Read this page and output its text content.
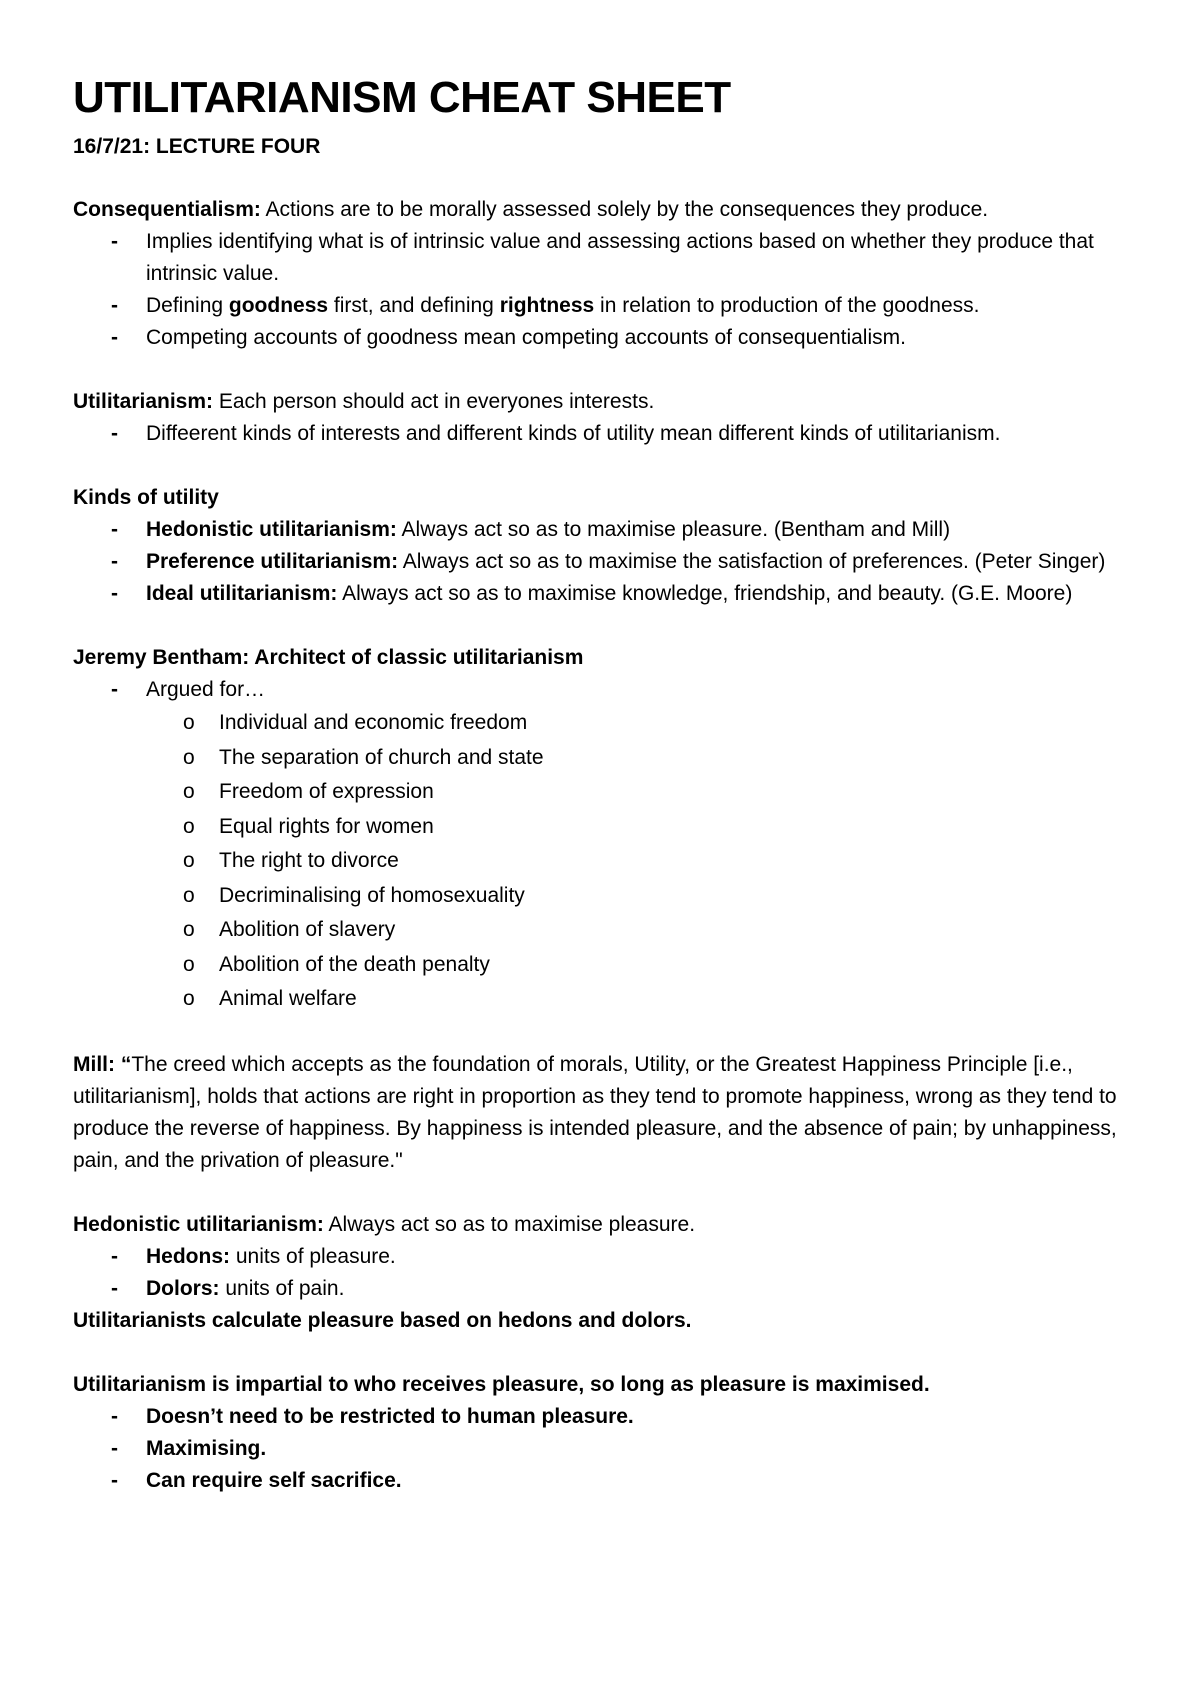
UTILITARIANISM CHEAT SHEET
16/7/21: LECTURE FOUR
Consequentialism: Actions are to be morally assessed solely by the consequences they produce.
- Implies identifying what is of intrinsic value and assessing actions based on whether they produce that intrinsic value.
- Defining goodness first, and defining rightness in relation to production of the goodness.
- Competing accounts of goodness mean competing accounts of consequentialism.
Utilitarianism: Each person should act in everyones interests.
- Diffeerent kinds of interests and different kinds of utility mean different kinds of utilitarianism.
Kinds of utility
- Hedonistic utilitarianism: Always act so as to maximise pleasure. (Bentham and Mill)
- Preference utilitarianism: Always act so as to maximise the satisfaction of preferences. (Peter Singer)
- Ideal utilitarianism: Always act so as to maximise knowledge, friendship, and beauty. (G.E. Moore)
Jeremy Bentham: Architect of classic utilitarianism
- Argued for…
o Individual and economic freedom
o The separation of church and state
o Freedom of expression
o Equal rights for women
o The right to divorce
o Decriminalising of homosexuality
o Abolition of slavery
o Abolition of the death penalty
o Animal welfare
Mill: “The creed which accepts as the foundation of morals, Utility, or the Greatest Happiness Principle [i.e., utilitarianism], holds that actions are right in proportion as they tend to promote happiness, wrong as they tend to produce the reverse of happiness. By happiness is intended pleasure, and the absence of pain; by unhappiness, pain, and the privation of pleasure."
Hedonistic utilitarianism: Always act so as to maximise pleasure.
- Hedons: units of pleasure.
- Dolors: units of pain.
Utilitarianists calculate pleasure based on hedons and dolors.
Utilitarianism is impartial to who receives pleasure, so long as pleasure is maximised.
- Doesn’t need to be restricted to human pleasure.
- Maximising.
- Can require self sacrifice.
